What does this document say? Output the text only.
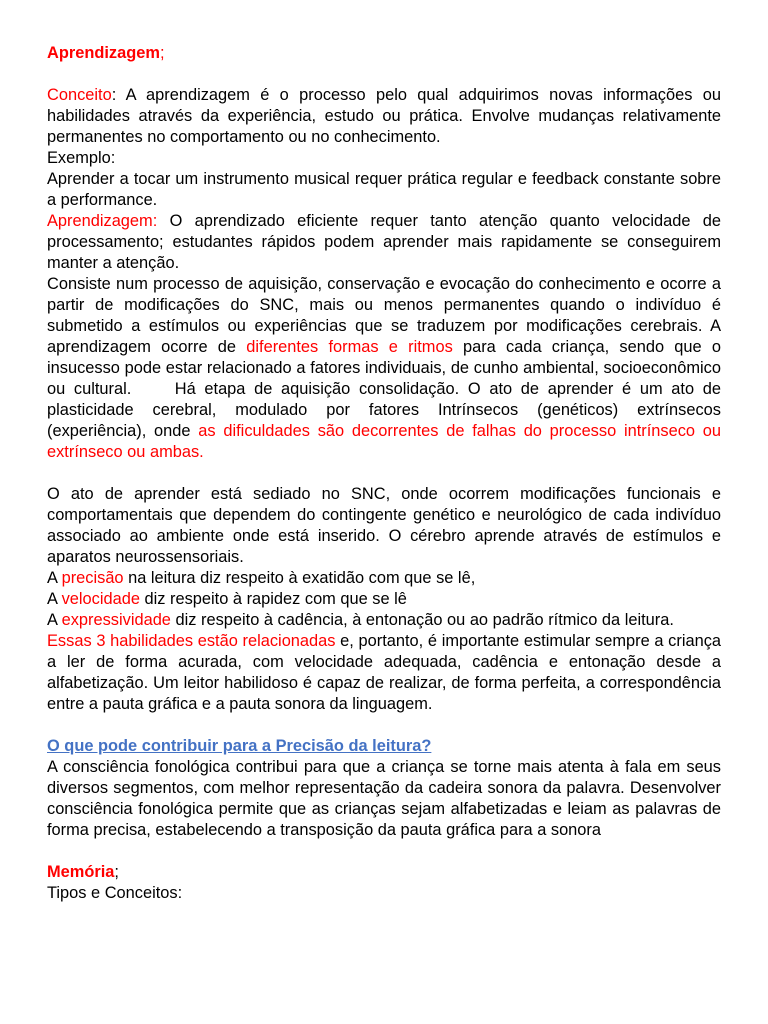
Aprendizagem;

Conceito: A aprendizagem é o processo pelo qual adquirimos novas informações ou habilidades através da experiência, estudo ou prática. Envolve mudanças relativamente permanentes no comportamento ou no conhecimento.

Exemplo:

Aprender a tocar um instrumento musical requer prática regular e feedback constante sobre a performance.

Aprendizagem: O aprendizado eficiente requer tanto atenção quanto velocidade de processamento; estudantes rápidos podem aprender mais rapidamente se conseguirem manter a atenção.

Consiste num processo de aquisição, conservação e evocação do conhecimento e ocorre a partir de modificações do SNC, mais ou menos permanentes quando o indivíduo é submetido a estímulos ou experiências que se traduzem por modificações cerebrais. A aprendizagem ocorre de diferentes formas e ritmos para cada criança, sendo que o insucesso pode estar relacionado a fatores individuais, de cunho ambiental, socioeconômico ou cultural.     Há etapa de aquisição consolidação. O ato de aprender é um ato de plasticidade cerebral, modulado por fatores Intrínsecos (genéticos) extrínsecos (experiência), onde as dificuldades são decorrentes de falhas do processo intrínseco ou extrínseco ou ambas.

O ato de aprender está sediado no SNC, onde ocorrem modificações funcionais e comportamentais que dependem do contingente genético e neurológico de cada indivíduo associado ao ambiente onde está inserido. O cérebro aprende através de estímulos e aparatos neurossensoriais.

A precisão na leitura diz respeito à exatidão com que se lê,

A velocidade diz respeito à rapidez com que se lê

A expressividade diz respeito à cadência, à entonação ou ao padrão rítmico da leitura.

Essas 3 habilidades estão relacionadas e, portanto, é importante estimular sempre a criança a ler de forma acurada, com velocidade adequada, cadência e entonação desde a alfabetização. Um leitor habilidoso é capaz de realizar, de forma perfeita, a correspondência entre a pauta gráfica e a pauta sonora da linguagem.

O que pode contribuir para a Precisão da leitura?

A consciência fonológica contribui para que a criança se torne mais atenta à fala em seus diversos segmentos, com melhor representação da cadeira sonora da palavra. Desenvolver consciência fonológica permite que as crianças sejam alfabetizadas e leiam as palavras de forma precisa, estabelecendo a transposição da pauta gráfica para a sonora

Memória;

Tipos e Conceitos:
